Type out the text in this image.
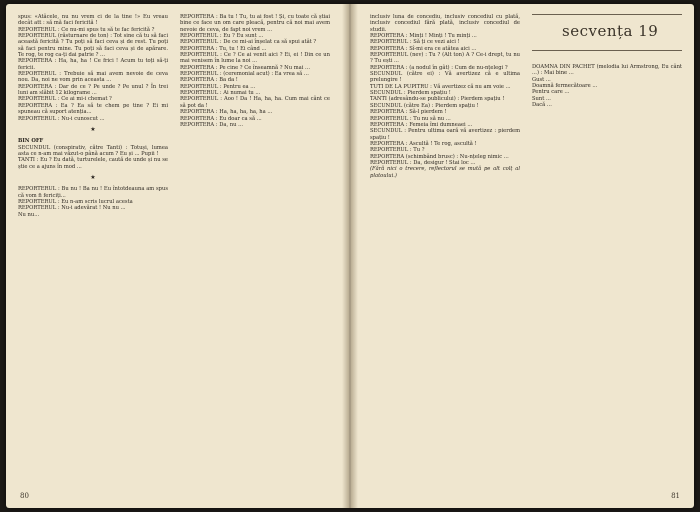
spus: «Atâcele, nu nu vrem ci de la tine !» Eu vreau decât att : să mă faci fericită !

REPORTERUL : Ce nu-mi spus tu să te fac fericită ?

REPORTERUL (răsturnare de ton) : Tot sine că tu să faci această fericită ? Tu poți să faci ceva și de rest. Tu poți să faci pentru mine. Tu poți să faci ceva și de apărare. Te rog, te rog ca-ți dai patrie ? ...

REPORTERA : Ha, ha, ha ! Ce frici ! Acum tu toți să-ți fericii.

REPORTERUL : Trebuie să mai avem nevoie de ceva nou. Da, noi ne vom prin aceasta ...

REPORTERA : Dar de ce ? Pe unde ? Pe unul ? În trei luni am slăbit 12 kilograme ...

REPORTERUL : Ce ai mi-i chemat ?

REPORTERA : Ea ? Ea să te chem pe tine ? Ei mi spuneau că suport atenția...

REPORTERUL : Nu-i cunoscut ...

★

BIN OFF

SECUNDUL (conspirativ, către Tanti) : Totuși, lumea asta ce n-am mai văzut-o până acum ? Eu și ... Pupii !

TANTI : Eu ? Eu dată, turturelele, caută de unde și nu se știe ce a ajuns în mod ...

★

REPORTERUL : Bu nu ! Ba nu ! Eu întotdeauna am spus că vom fi fericiți...

REPORTERUL : Eu n-am scris lucrul acesta

REPORTERUL : Nu-i adevărat ! Nu nu ...

Nu nu...

REPORTERA : Ba tu ! Tu, tu ai fost ! Și, cu toate că știai bine ce face un om care pleacă, pentru că noi mai avem nevoie de ceva, de fapt noi vrem ...

REPORTERUL : Eu ? Eu sunt ...

REPORTERUL : De ce mi-ai înșelat ca să spui atât ?

REPORTERA : Tu, tu ! Ei când ...

REPORTERUL : Ce ? Ce ai venit aici ? Ei, ei ! Din ce un mai venisem în lume la noi ...

REPORTERA : Pe cine ? Ce înseamnă ? Nu mai ...

REPORTERUL : (ceremonial acut) : Ea vrea să ...

REPORTERA : Ba da !

REPORTERUL : Pentru ea ...

REPORTERUL : Ai numai tu ...

REPORTERUL : Aoo ! Da ! Ha, ha, ha. Cum mai cânt ce să pot da !

REPORTERA : Ha, ha, ha, ha, ha ...

REPORTERA : Eu doar ca să ...

REPORTERA : Da, nu ...

80

inclusiv luna de concediu, inclusiv concediul cu plată, inclusiv concediul fără plată, inclusiv concediul de studii.

REPORTERA : Minți ! Minți ! Tu minți ...

REPORTERUL : Să ți ce vezi aici !

REPORTERA : Sî-mi era ce atâtea aici ...

REPORTERUL (nev) : Tu ? (Alt ton) A ? Ce-i drept, tu nu ? Tu ești ...

REPORTERA : (a nodul în gât) : Cum de nu-nțelegi ?

SECUNDUL (către ei) : Vă avertizez că e ultima prelungire !

TUTI DE LA PUPITRU : Vă avertizez că nu am voie ...

SECUNDUL : Pierdem spațiu !

TANTI (adresându-se publicului) : Pierdem spațiu !

SECUNDUL (către Ea) : Pierdem spațiu !

REPORTERA : Să-l pierdem !

REPORTERUL : Tu nu să nu ...

REPORTERA : Femeia îmi dumneaei ...

SECUNDUL : Pentru ultima oară vă avertizez : pierdem spațiu !

REPORTERA : Ascultă ! Te rog, ascultă !

REPORTERUL : Tu ?

REPORTERA (schimbând brusc) : Nu-nțeleg nimic ...

REPORTERUL : Da, desigur ! Stai loc ...

(Fără nici o trecere, reflectorul se mută pe alt colț al platoului.)

secvența 19

DOAMNA DIN PACHET (melodia lui Armstrong, Eu cânt ...) : Mai bine ...

Gust ...

Doamnă fermecătoare ...

Pentru care ...

Sunt ...

Dacă ...

81
